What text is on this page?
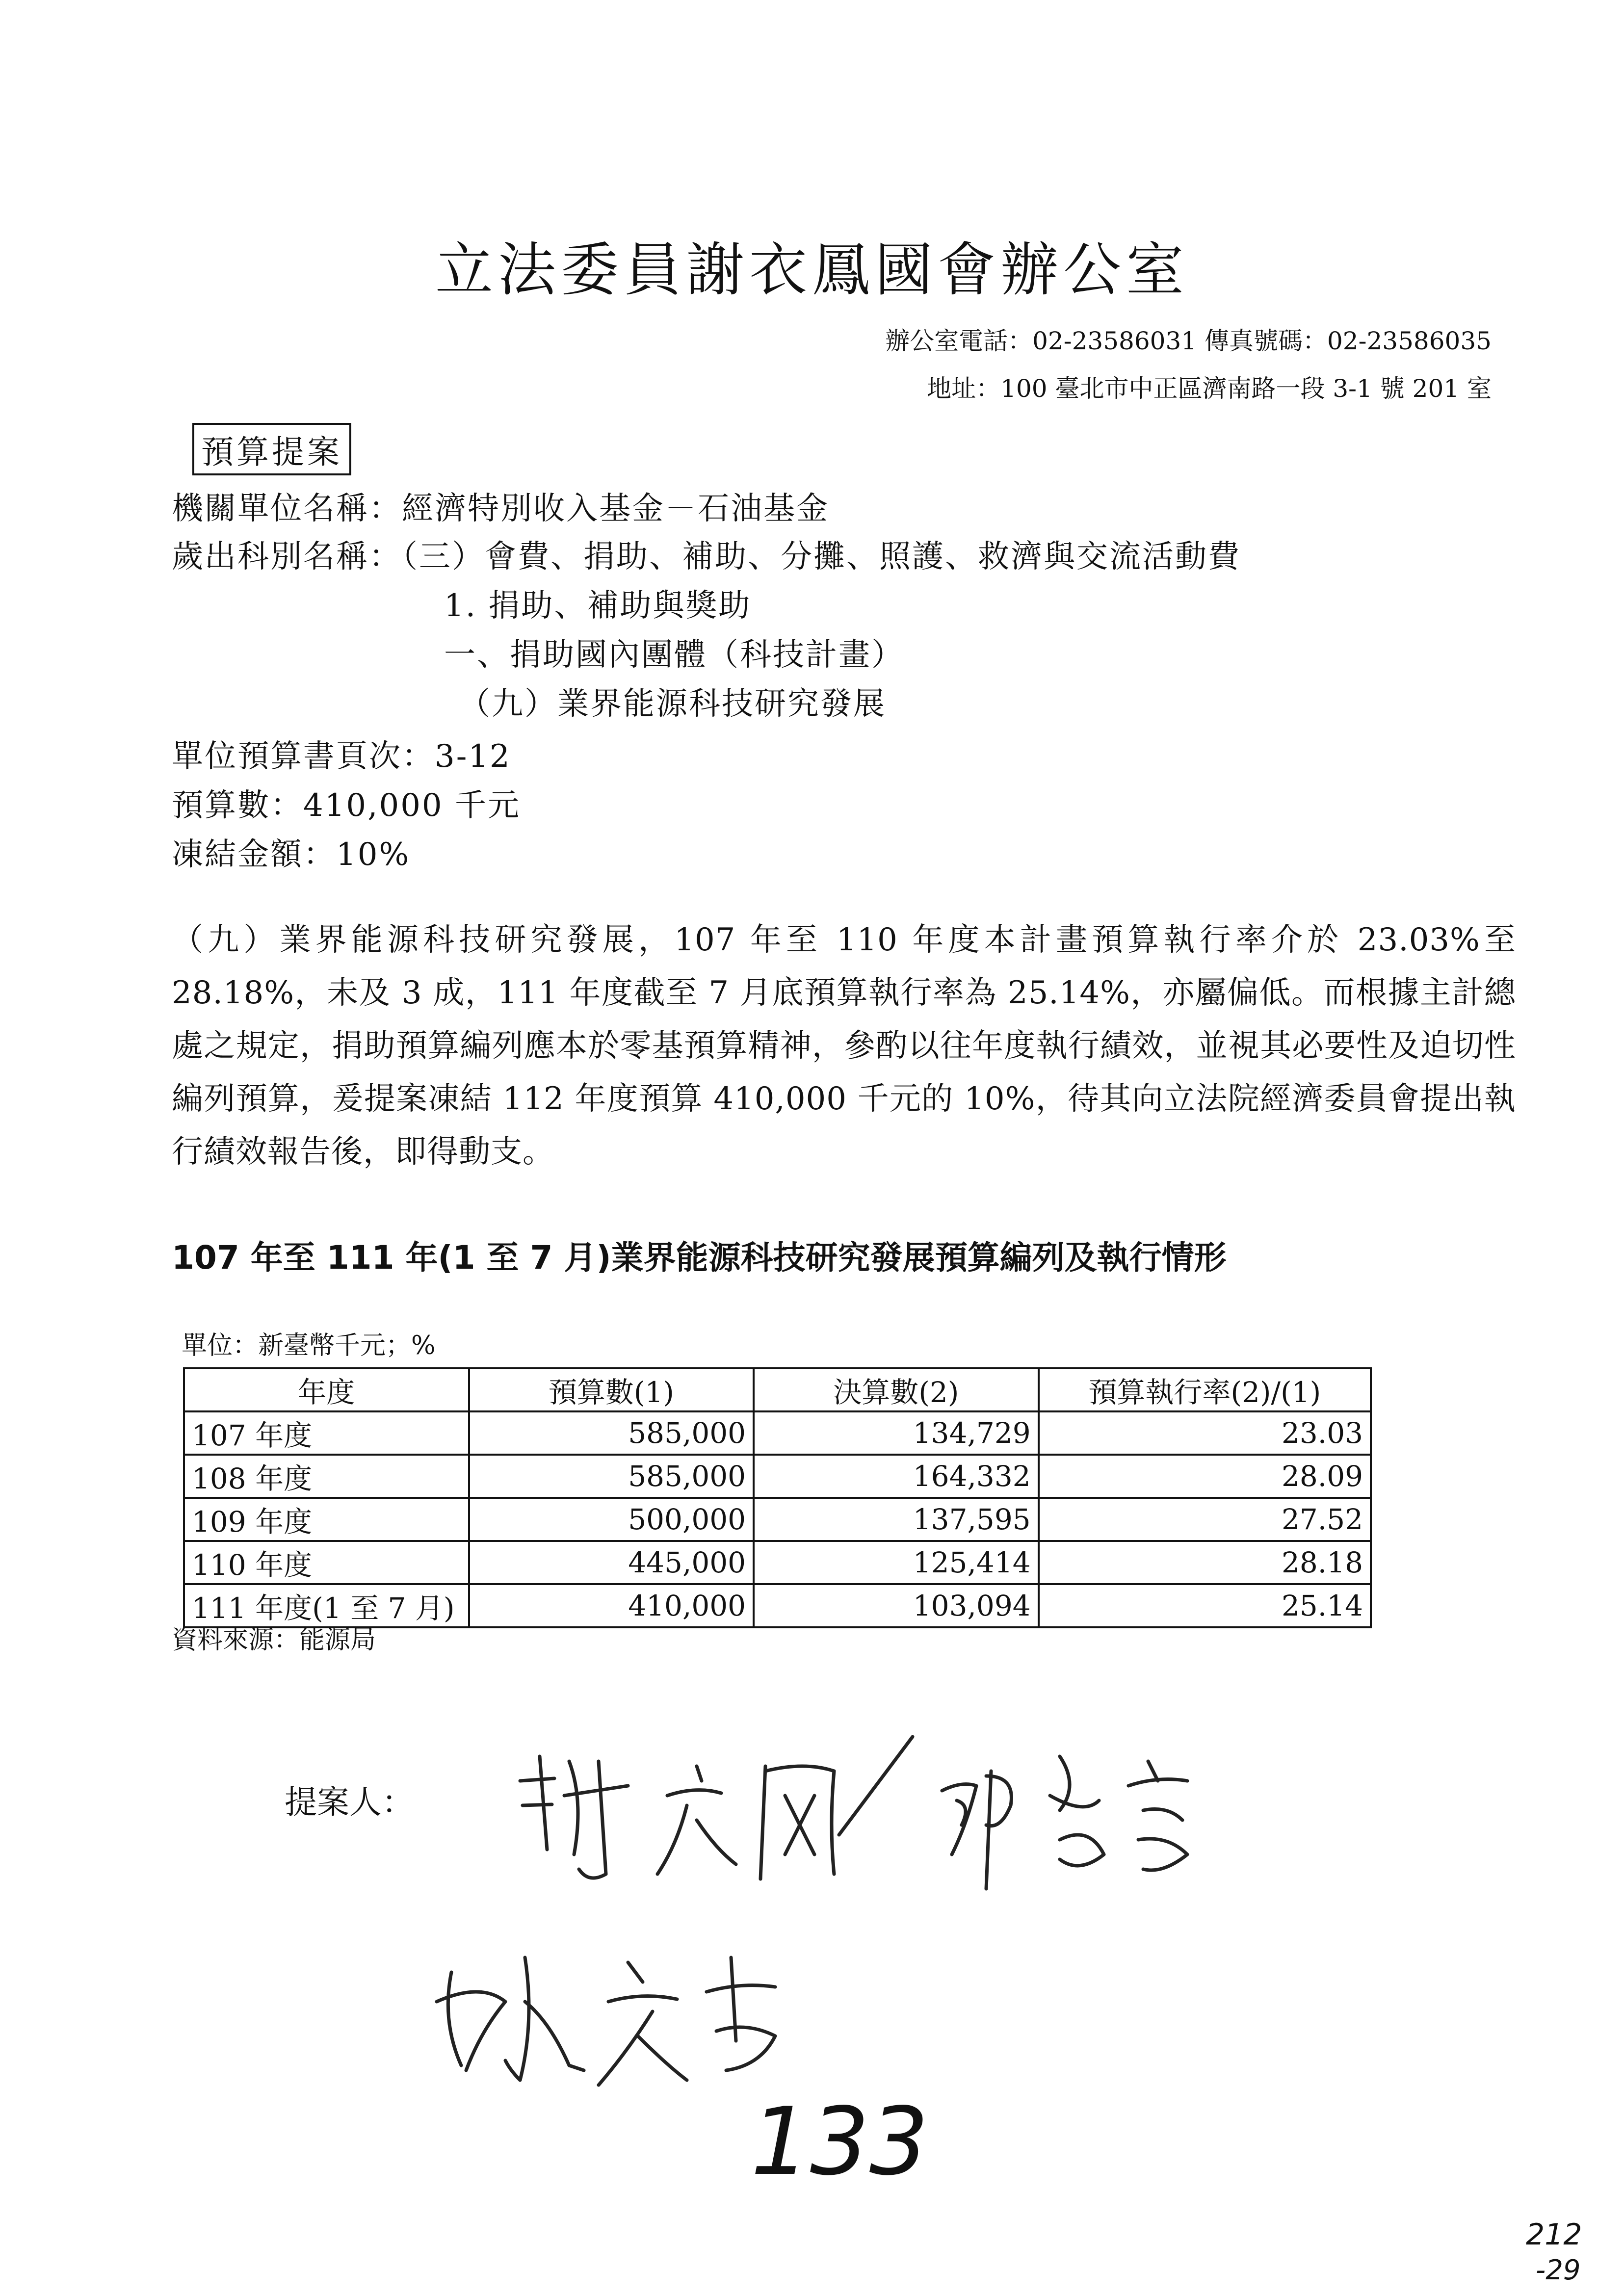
立法委員謝衣鳳國會辦公室
辦公室電話：02-23586031 傳真號碼：02-23586035
地址：100 臺北市中正區濟南路一段 3-1 號 201 室
預算提案
機關單位名稱：經濟特別收入基金－石油基金
歲出科別名稱：（三）會費、捐助、補助、分攤、照護、救濟與交流活動費
1. 捐助、補助與獎助
一、捐助國內團體（科技計畫）
（九）業界能源科技研究發展
單位預算書頁次：3-12
預算數：410,000 千元
凍結金額：10%
（九）業界能源科技研究發展，107 年至 110 年度本計畫預算執行率介於 23.03%至 28.18%，未及 3 成，111 年度截至 7 月底預算執行率為 25.14%，亦屬偏低。而根據主計總處之規定，捐助預算編列應本於零基預算精神，參酌以往年度執行績效，並視其必要性及迫切性編列預算，爰提案凍結 112 年度預算 410,000 千元的 10%，待其向立法院經濟委員會提出執行績效報告後，即得動支。
107 年至 111 年(1 至 7 月)業界能源科技研究發展預算編列及執行情形
單位：新臺幣千元；%
年度	預算數(1)	決算數(2)	預算執行率(2)/(1)
107 年度	585,000	134,729	23.03
108 年度	585,000	164,332	28.09
109 年度	500,000	137,595	27.52
110 年度	445,000	125,414	28.18
111 年度(1 至 7 月)	410,000	103,094	25.14
資料來源：能源局
提案人：
133
212
-29
